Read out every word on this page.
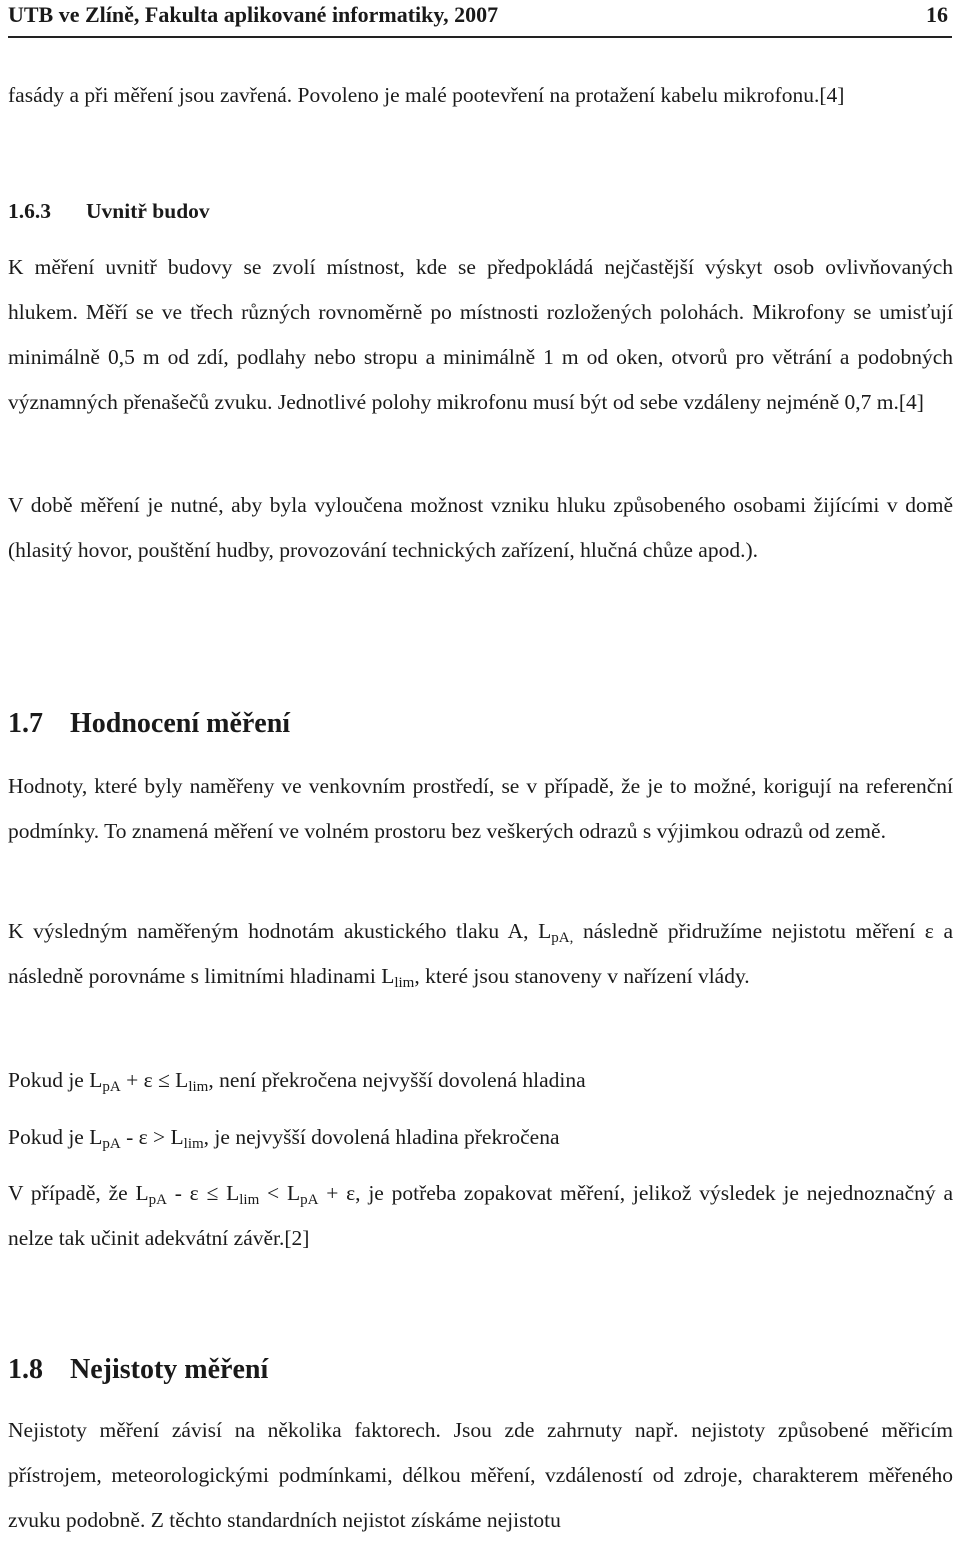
UTB ve Zlíně, Fakulta aplikované informatiky, 2007	16
fasády a při měření jsou zavřená. Povoleno je malé pootevření na protažení kabelu mikrofonu.[4]
1.6.3 Uvnitř budov
K měření uvnitř budovy se zvolí místnost, kde se předpokládá nejčastější výskyt osob ovlivňovaných hlukem. Měří se ve třech různých rovnoměrně po místnosti rozložených polohách. Mikrofony se umisťují minimálně 0,5 m od zdí, podlahy nebo stropu a minimálně 1 m od oken, otvorů pro větrání a podobných významných přenašečů zvuku. Jednotlivé polohy mikrofonu musí být od sebe vzdáleny nejméně 0,7 m.[4]
V době měření je nutné, aby byla vyloučena možnost vzniku hluku způsobeného osobami žijícími v domě (hlasitý hovor, pouštění hudby, provozování technických zařízení, hlučná chůze apod.).
1.7 Hodnocení měření
Hodnoty, které byly naměřeny ve venkovním prostředí, se v případě, že je to možné, korigují na referenční podmínky. To znamená měření ve volném prostoru bez veškerých odrazů s výjimkou odrazů od země.
K výsledným naměřeným hodnotám akustického tlaku A, $L_{pA,}$ následně přidružíme nejistotu měření ε a následně porovnáme s limitními hladinami $L_{lim}$, které jsou stanoveny v nařízení vlády.
Pokud je $L_{pA} + \varepsilon \le L_{lim}$, není překročena nejvyšší dovolená hladina
Pokud je $L_{pA} - \varepsilon > L_{lim}$, je nejvyšší dovolená hladina překročena
V případě, že $L_{pA} - \varepsilon \le L_{lim} < L_{pA} + \varepsilon$, je potřeba zopakovat měření, jelikož výsledek je nejednoznačný a nelze tak učinit adekvátní závěr.[2]
1.8 Nejistoty měření
Nejistoty měření závisí na několika faktorech. Jsou zde zahrnuty např. nejistoty způsobené měřicím přístrojem, meteorologickými podmínkami, délkou měření, vzdáleností od zdroje, charakterem měřeného zvuku podobně. Z těchto standardních nejistot získáme nejistotu
